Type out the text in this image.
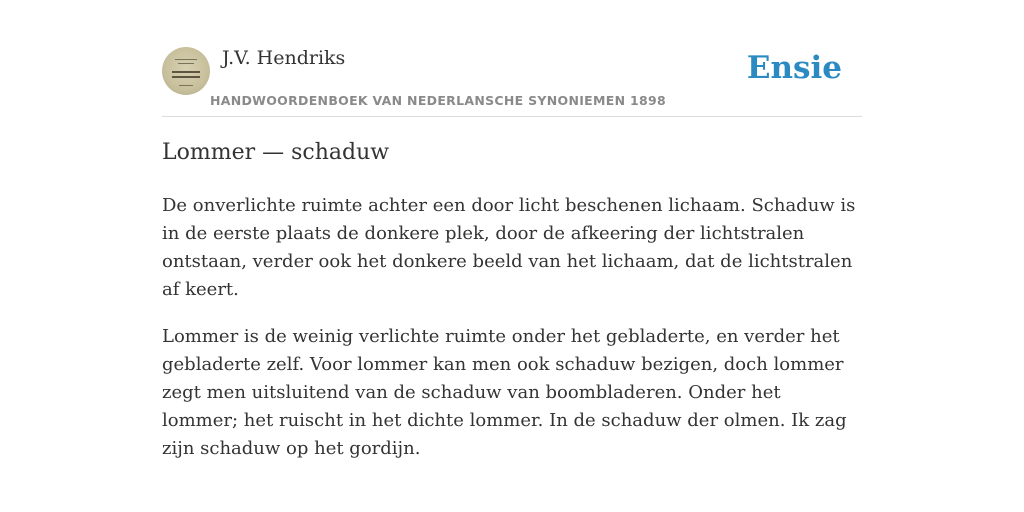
J.V. Hendriks
HANDWOORDENBOEK VAN NEDERLANSCHE SYNONIEMEN 1898
Ensie
Lommer — schaduw

De onverlichte ruimte achter een door licht beschenen lichaam. Schaduw is in de eerste plaats de donkere plek, door de afkeering der lichtstralen ontstaan, verder ook het donkere beeld van het lichaam, dat de lichtstralen af keert.

Lommer is de weinig verlichte ruimte onder het gebladerte, en verder het gebladerte zelf. Voor lommer kan men ook schaduw bezigen, doch lommer zegt men uitsluitend van de schaduw van boombladeren. Onder het lommer; het ruischt in het dichte lommer. In de schaduw der olmen. Ik zag zijn schaduw op het gordijn.
